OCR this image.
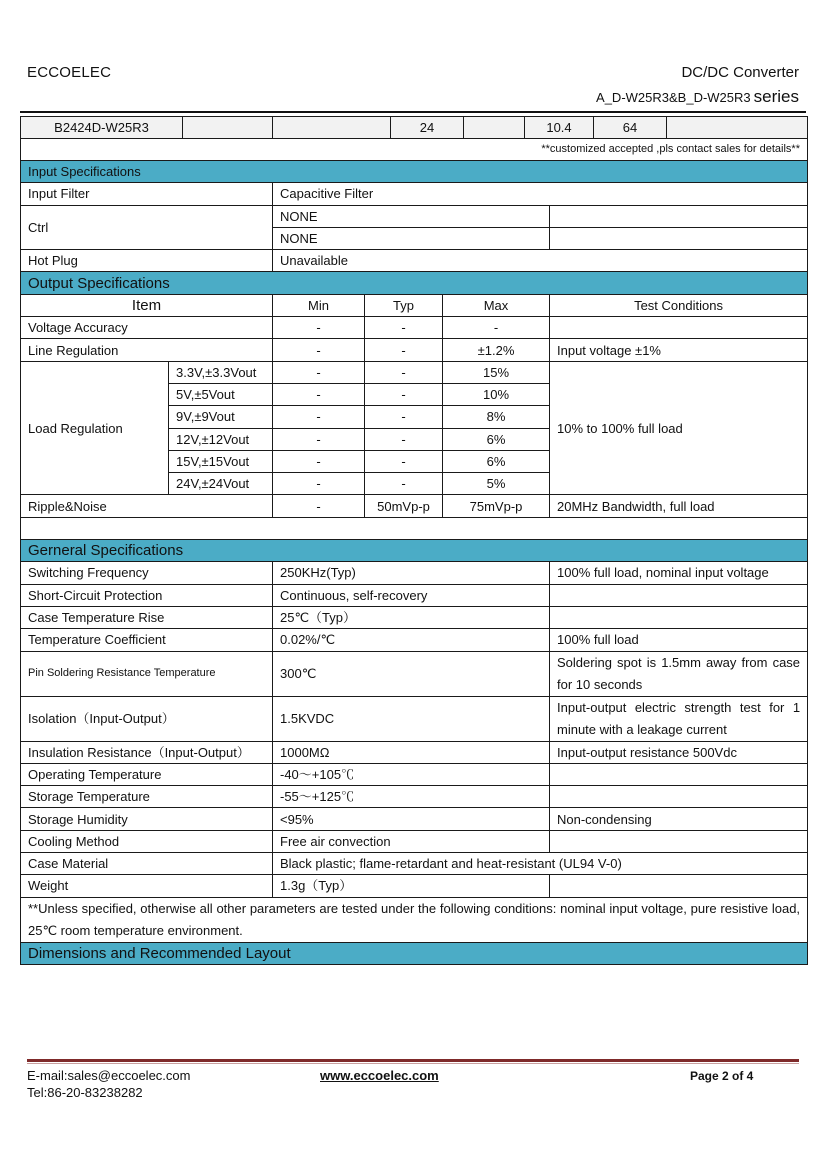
ECCOELEC	DC/DC Converter
A_D-W25R3&B_D-W25R3 series
B2424D-W25R3			24		10.4	64	
**customized accepted ,pls contact sales for details**
Input Specifications					
Input Filter		Capacitive Filter			
Ctrl		NONE			
		NONE			
Hot Plug		Unavailable			
Output Specifications					
Item		Min	Typ	Max	Test Conditions
Voltage Accuracy		-	-	-	
Line Regulation		-	-	±1.2%	Input voltage ±1%
Load Regulation	3.3V,±3.3Vout	-	-	15%	10% to 100% full load
	5V,±5Vout	-	-	10%	
	9V,±9Vout	-	-	8%	
	12V,±12Vout	-	-	6%	
	15V,±15Vout	-	-	6%	
	24V,±24Vout	-	-	5%	
Ripple&Noise		-	50mVp-p	75mVp-p	20MHz Bandwidth, full load

Gerneral Specifications					
Switching Frequency		250KHz(Typ)			100% full load, nominal input voltage
Short-Circuit Protection		Continuous, self-recovery			
Case Temperature Rise		25℃（Typ）			
Temperature Coefficient		0.02%/℃			100% full load
Pin Soldering Resistance Temperature		300℃			Soldering spot is 1.5mm away from case for 10 seconds
Isolation（Input-Output）		1.5KVDC			Input-output electric strength test for 1 minute with a leakage current
Insulation Resistance（Input-Output）		1000MΩ			Input-output resistance 500Vdc
Operating Temperature		-40～+105℃			
Storage Temperature		-55～+125℃			
Storage Humidity		<95%			Non-condensing
Cooling Method		Free air convection			
Case Material		Black plastic; flame-retardant and heat-resistant (UL94 V-0)			
Weight		1.3g（Typ）			
**Unless specified, otherwise all other parameters are tested under the following conditions: nominal input voltage, pure resistive load, 25℃ room temperature environment.					
Dimensions and Recommended Layout					
E-mail:sales@eccoelec.com
Tel:86-20-83238282
www.eccoelec.com	Page 2 of 4
